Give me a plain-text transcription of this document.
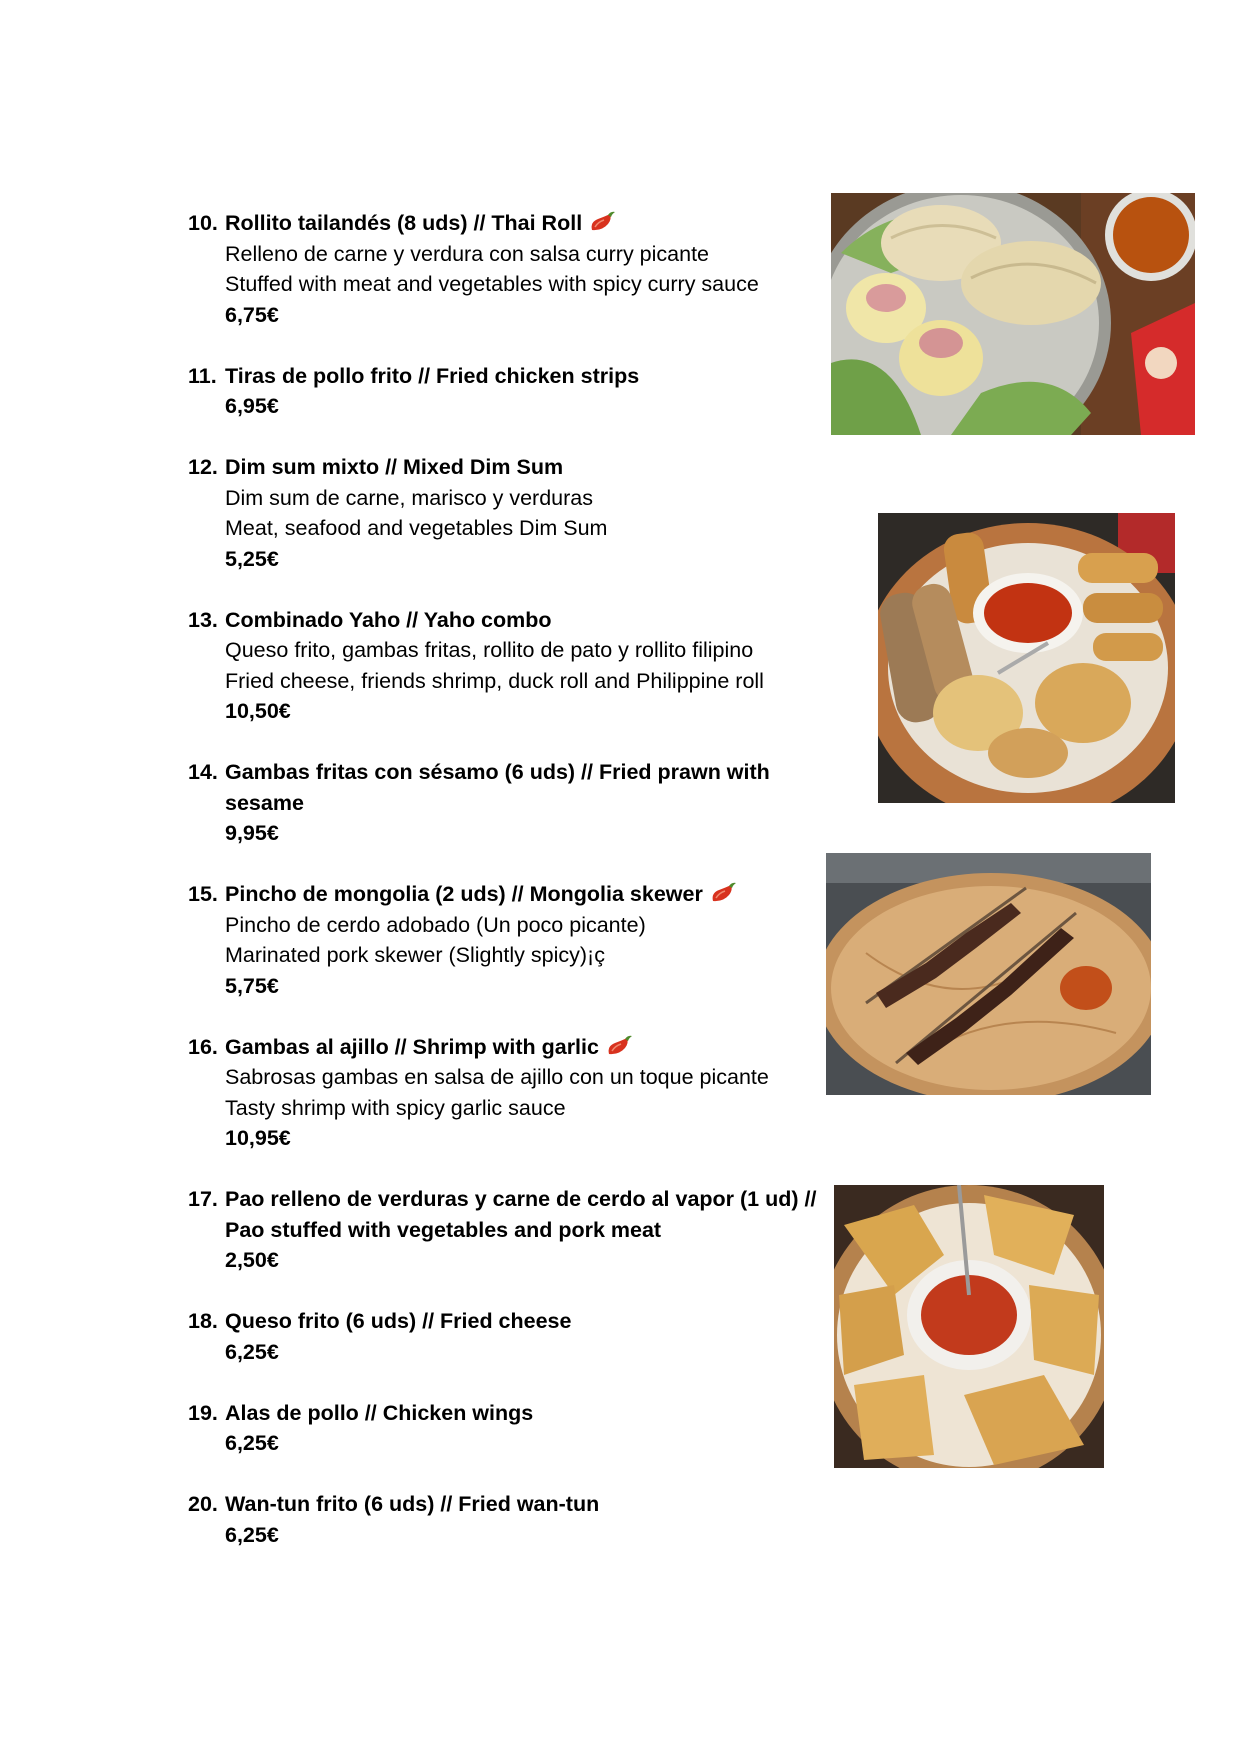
10. Rollito tailandés (8 uds) // Thai Roll
Relleno de carne y verdura con salsa curry picante
Stuffed with meat and vegetables with spicy curry sauce
6,75€
11. Tiras de pollo frito // Fried chicken strips
6,95€
12. Dim sum mixto // Mixed Dim Sum
Dim sum de carne, marisco y verduras
Meat, seafood and vegetables Dim Sum
5,25€
13. Combinado Yaho // Yaho combo
Queso frito, gambas fritas, rollito de pato y rollito filipino
Fried cheese, friends shrimp, duck roll and Philippine roll
10,50€
14. Gambas fritas con sésamo (6 uds) // Fried prawn with sesame
9,95€
15. Pincho de mongolia (2 uds) // Mongolia skewer
Pincho de cerdo adobado (Un poco picante)
Marinated pork skewer (Slightly spicy)¡ç
5,75€
16. Gambas al ajillo // Shrimp with garlic
Sabrosas gambas en salsa de ajillo con un toque picante
Tasty shrimp with spicy garlic sauce
10,95€
17. Pao relleno de verduras y carne de cerdo al vapor (1 ud) // Pao stuffed with vegetables and pork meat
2,50€
18. Queso frito (6 uds) // Fried cheese
6,25€
19. Alas de pollo // Chicken wings
6,25€
20. Wan-tun frito (6 uds) // Fried wan-tun
6,25€
